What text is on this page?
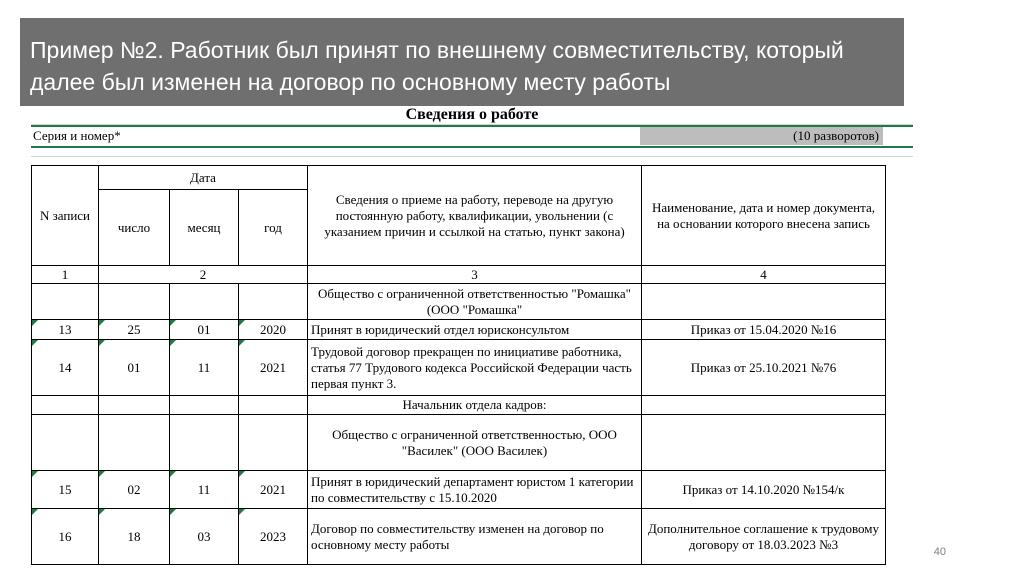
Пример №2. Работник был принят по внешнему совместительству, который далее был изменен на договор по основному месту работы
Сведения о работе
Серия и номер*	(10 разворотов)
N записи	Дата			Сведения о приеме на работу, переводе на другую постоянную работу, квалификации, увольнении (с указанием причин и ссылкой на статью, пункт закона)	Наименование, дата и номер документа, на основании которого внесена запись
	число	месяц	год		
1	2			3	4
				Общество с ограниченной ответственностью "Ромашка" (ООО "Ромашка"	
13	25	01	2020	Принят в юридический отдел юрисконсультом	Приказ от 15.04.2020 №16
14	01	11	2021	Трудовой договор прекращен по инициативе работника, статья 77 Трудового кодекса Российской Федерации часть первая пункт 3.	Приказ от 25.10.2021 №76
				Начальник отдела кадров:	
				Общество с ограниченной ответственностью, ООО "Василек" (ООО Василек)	
15	02	11	2021	Принят в юридический департамент юристом 1 категории по совместительству с 15.10.2020	Приказ от 14.10.2020 №154/к
16	18	03	2023	Договор по совместительству изменен на договор по основному месту работы	Дополнительное соглашение к трудовому договору от 18.03.2023 №3
40
